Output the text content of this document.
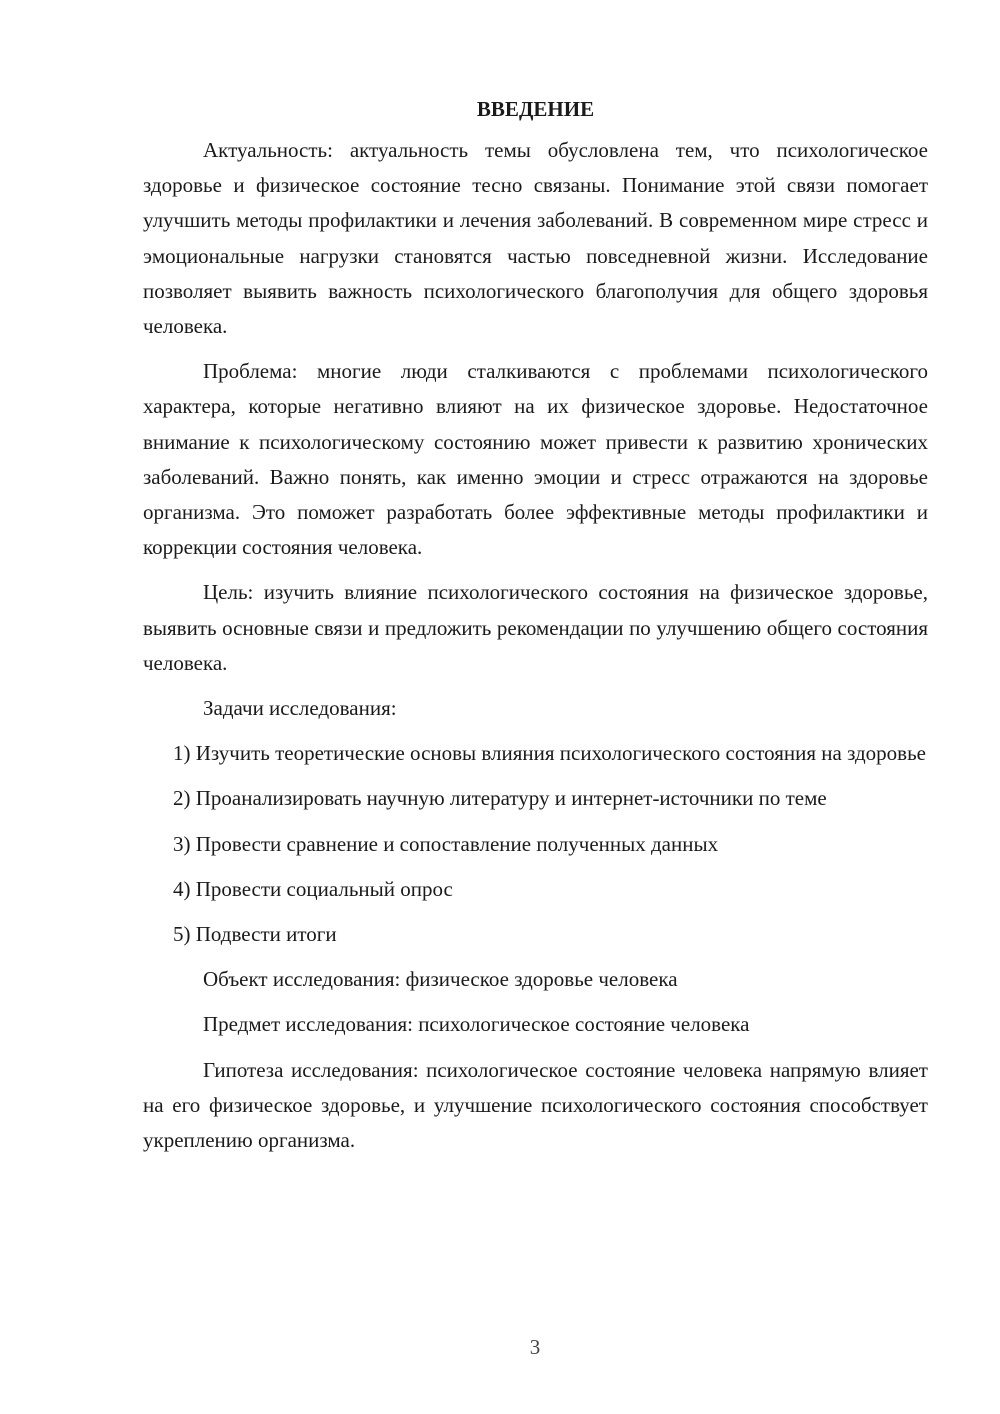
ВВЕДЕНИЕ

Актуальность: актуальность темы обусловлена тем, что психологическое здоровье и физическое состояние тесно связаны. Понимание этой связи помогает улучшить методы профилактики и лечения заболеваний. В современном мире стресс и эмоциональные нагрузки становятся частью повседневной жизни. Исследование позволяет выявить важность психологического благополучия для общего здоровья человека.

Проблема: многие люди сталкиваются с проблемами психологического характера, которые негативно влияют на их физическое здоровье. Недостаточное внимание к психологическому состоянию может привести к развитию хронических заболеваний. Важно понять, как именно эмоции и стресс отражаются на здоровье организма. Это поможет разработать более эффективные методы профилактики и коррекции состояния человека.

Цель: изучить влияние психологического состояния на физическое здоровье, выявить основные связи и предложить рекомендации по улучшению общего состояния человека.

Задачи исследования:

1) Изучить теоретические основы влияния психологического состояния на здоровье

2) Проанализировать научную литературу и интернет-источники по теме

3) Провести сравнение и сопоставление полученных данных

4) Провести социальный опрос

5) Подвести итоги

Объект исследования: физическое здоровье человека

Предмет исследования: психологическое состояние человека

Гипотеза исследования: психологическое состояние человека напрямую влияет на его физическое здоровье, и улучшение психологического состояния способствует укреплению организма.

3
